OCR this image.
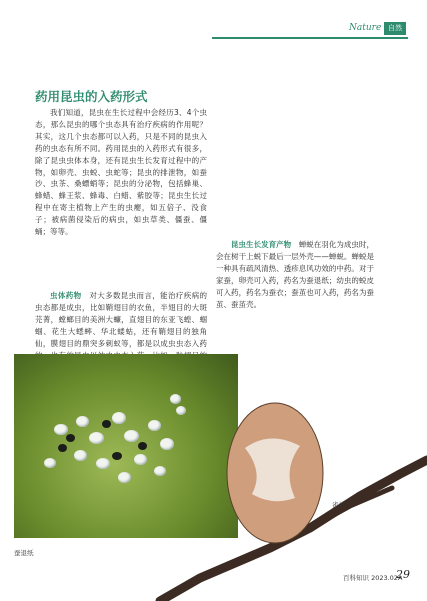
Nature 自然
药用昆虫的入药形式

我们知道，昆虫在生长过程中会经历3、4个虫态，那么昆虫的哪个虫态具有治疗疾病的作用呢？其实，这几个虫态都可以入药，只是不同的昆虫入药的虫态有所不同。药用昆虫的入药形式有很多，除了昆虫虫体本身，还有昆虫生长发育过程中的产物，如卵壳、虫蜕、虫蛇等；昆虫的排泄物，如蚕沙、虫茶、桑螵蛸等；昆虫的分泌物，包括蜂巢、蜂蜡、蜂王浆、蜂毒、白蜡、紫胶等；昆虫生长过程中在寄主植物上产生的虫瘿，如五倍子、没食子；被病菌侵染后的病虫，如虫草类、僵蚕、僵蛹；等等。

虫体药物　 对大多数昆虫而言，能治疗疾病的虫态都是成虫，比如鞘翅目的衣鱼，半翅目的大斑芫菁，螳螂目的美洲大蠊，直翅目的东亚飞蝗、蝈蝈、花生大蟋蟀、华北蝼蛄，还有鞘翅目的独角仙，膜翅目的鼎突多刺蚁等，都是以成虫虫态入药

昆虫生长发育产物　 蝉蜕在羽化为成虫时，会在树干上蜕下最后一层外壳——蝉蜕。蝉蜕是一种具有疏风清热、透疹息风功效的中药。对于家蚕，卵壳可入药，药名为蚕退纸；幼虫的蜕皮可入药，药名为蚕衣；蚕茧也可入药，药名为蚕茧、蚕茧壳。

蚕退纸
雀瓮
百科知识 2023.02A
29
